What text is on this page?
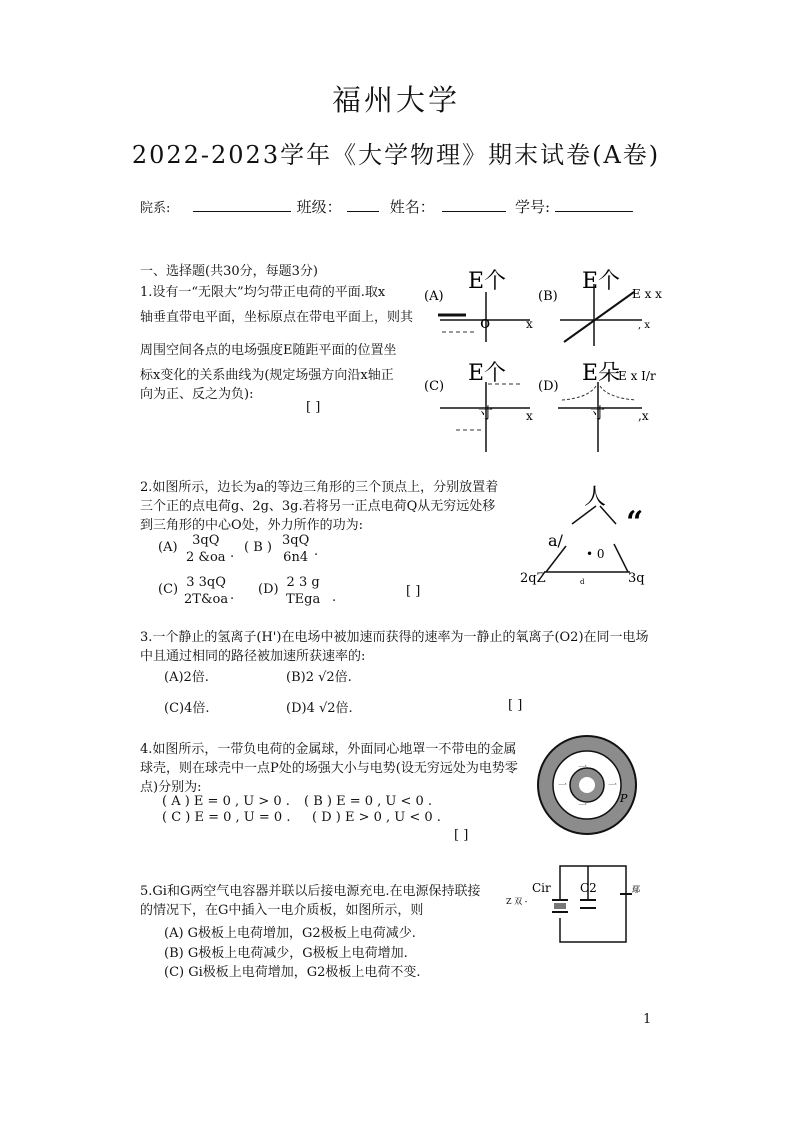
福州大学
2022-2023学年《大学物理》期末试卷(A卷)
院系:	班级：	姓名：	学号:
一、选择题(共30分，每题3分)
1.设有一“无限大”均匀带正电荷的平面.取x
轴垂直带电平面，坐标原点在带电平面上，则其
周围空间各点的电场强度E随距平面的位置坐
标x变化的关系曲线为(规定场强方向沿x轴正
向为正、反之为负):
[ ]
(A)
E个
o	x
(B)
E个 E x x
, x
(C)
E个
寸	x
(D)
E朵
E x I/r
寸	,x
2.如图所示，边长为a的等边三角形的三个顶点上，分别放置着
三个正的点电荷g、2g、3g.若将另一正点电荷Q从无穷远处移
到三角形的中心O处，外力所作的功为:
(A)	3qQ
2 &oa . ( B ) 3qQ
6n4 .
(C) 3 3qQ
2T&oa . (D) 2 3 g
TEga .	[ ]
人
“
a/
• 0
2qZ	3q
d
3.一个静止的氢离子(H')在电场中被加速而获得的速率为一静止的氧离子(O2)在同一电场
中且通过相同的路径被加速所获速率的:
(A)2倍.	(B)2 √2倍.
(C)4倍.	(D)4 √2倍.	[ ]
4.如图所示，一带负电荷的金属球，外面同心地罩一不带电的金属
球壳，则在球壳中一点P处的场强大小与电势(设无穷远处为电势零
点)分别为:
( A ) E = 0 , U > 0 . ( B ) E = 0 , U < 0 .
( C ) E = 0 , U = 0 . ( D ) E > 0 , U < 0 .
[ ]
一
一	一
一
P
5.Gi和G两空气电容器并联以后接电源充电.在电源保持联接
的情况下，在G中插入一电介质板，如图所示，则
(A) G极板上电荷增加，G2极板上电荷减少.
(B) G极板上电荷减少，G极板上电荷增加.
(C) Gi极板上电荷增加，G2极板上电荷不变.
Cir C2
Z 双 -
鄢
1
